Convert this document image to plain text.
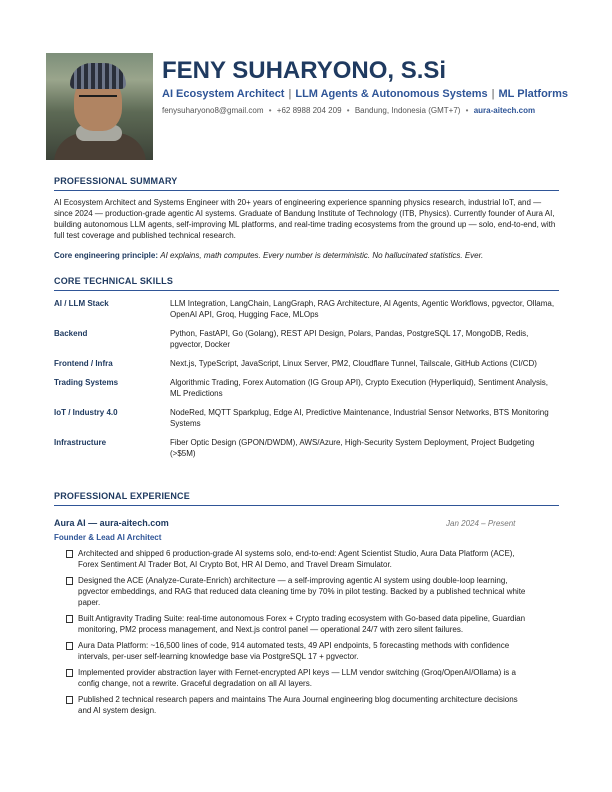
FENY SUHARYONO, S.Si
AI Ecosystem Architect | LLM Agents & Autonomous Systems | ML Platforms
fenysuharyono8@gmail.com • +62 8988 204 209 • Bandung, Indonesia (GMT+7) • aura-aitech.com
PROFESSIONAL SUMMARY

AI Ecosystem Architect and Systems Engineer with 20+ years of engineering experience spanning physics research, industrial IoT, and — since 2024 — production-grade agentic AI systems. Graduate of Bandung Institute of Technology (ITB, Physics). Currently founder of Aura AI, building autonomous LLM agents, self-improving ML platforms, and real-time trading ecosystems from the ground up — solo, end-to-end, with full test coverage and published technical research.

Core engineering principle: AI explains, math computes. Every number is deterministic. No hallucinated statistics. Ever.

CORE TECHNICAL SKILLS
AI / LLM Stack	LLM Integration, LangChain, LangGraph, RAG Architecture, AI Agents, Agentic Workflows, pgvector, Ollama, OpenAI API, Groq, Hugging Face, MLOps
Backend	Python, FastAPI, Go (Golang), REST API Design, Polars, Pandas, PostgreSQL 17, MongoDB, Redis, pgvector, Docker
Frontend / Infra	Next.js, TypeScript, JavaScript, Linux Server, PM2, Cloudflare Tunnel, Tailscale, GitHub Actions (CI/CD)
Trading Systems	Algorithmic Trading, Forex Automation (IG Group API), Crypto Execution (Hyperliquid), Sentiment Analysis, ML Predictions
IoT / Industry 4.0	NodeRed, MQTT Sparkplug, Edge AI, Predictive Maintenance, Industrial Sensor Networks, BTS Monitoring Systems
Infrastructure	Fiber Optic Design (GPON/DWDM), AWS/Azure, High-Security System Deployment, Project Budgeting (>$5M)
PROFESSIONAL EXPERIENCE
Aura AI — aura-aitech.com	Jan 2024 – Present
Founder & Lead AI Architect
Architected and shipped 6 production-grade AI systems solo, end-to-end: Agent Scientist Studio, Aura Data Platform (ACE), Forex Sentiment AI Trader Bot, AI Crypto Bot, HR AI Demo, and Travel Dream Simulator.
Designed the ACE (Analyze-Curate-Enrich) architecture — a self-improving agentic AI system using double-loop learning, pgvector embeddings, and RAG that reduced data cleaning time by 70% in pilot testing. Backed by a published technical white paper.
Built Antigravity Trading Suite: real-time autonomous Forex + Crypto trading ecosystem with Go-based data pipeline, Guardian monitoring, PM2 process management, and Next.js control panel — operational 24/7 with zero silent failures.
Aura Data Platform: ~16,500 lines of code, 914 automated tests, 49 API endpoints, 5 forecasting methods with confidence intervals, per-user self-learning knowledge base via PostgreSQL 17 + pgvector.
Implemented provider abstraction layer with Fernet-encrypted API keys — LLM vendor switching (Groq/OpenAI/Ollama) is a config change, not a rewrite. Graceful degradation on all AI layers.
Published 2 technical research papers and maintains The Aura Journal engineering blog documenting architecture decisions and AI system design.
